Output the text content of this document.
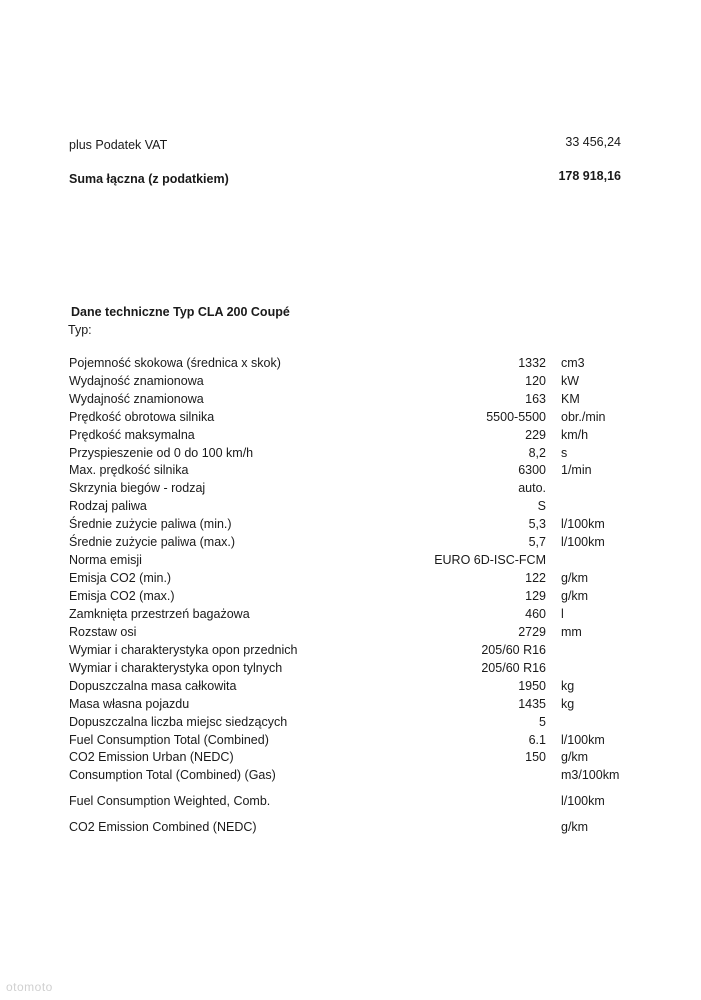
plus Podatek VAT	33 456,24
Suma łączna (z podatkiem)	178 918,16
Dane techniczne Typ CLA 200 Coupé
Typ:
Pojemność skokowa (średnica x skok)	1332 cm3
Wydajność znamionowa	120 kW
Wydajność znamionowa	163 KM
Prędkość obrotowa silnika	5500-5500 obr./min
Prędkość maksymalna	229 km/h
Przyspieszenie od 0 do 100 km/h	8,2 s
Max. prędkość silnika	6300 1/min
Skrzynia biegów - rodzaj	auto.
Rodzaj paliwa	S
Średnie zużycie paliwa (min.)	5,3 l/100km
Średnie zużycie paliwa (max.)	5,7 l/100km
Norma emisji	EURO 6D-ISC-FCM
Emisja CO2 (min.)	122 g/km
Emisja CO2 (max.)	129 g/km
Zamknięta przestrzeń bagażowa	460 l
Rozstaw osi	2729 mm
Wymiar i charakterystyka opon przednich	205/60 R16
Wymiar i charakterystyka opon tylnych	205/60 R16
Dopuszczalna masa całkowita	1950 kg
Masa własna pojazdu	1435 kg
Dopuszczalna liczba miejsc siedzących	5
Fuel Consumption Total (Combined)	6.1 l/100km
CO2 Emission Urban (NEDC)	150 g/km
Consumption Total (Combined) (Gas)	m3/100km
Fuel Consumption Weighted, Comb.	l/100km
CO2 Emission Combined (NEDC)	g/km
otomoto
